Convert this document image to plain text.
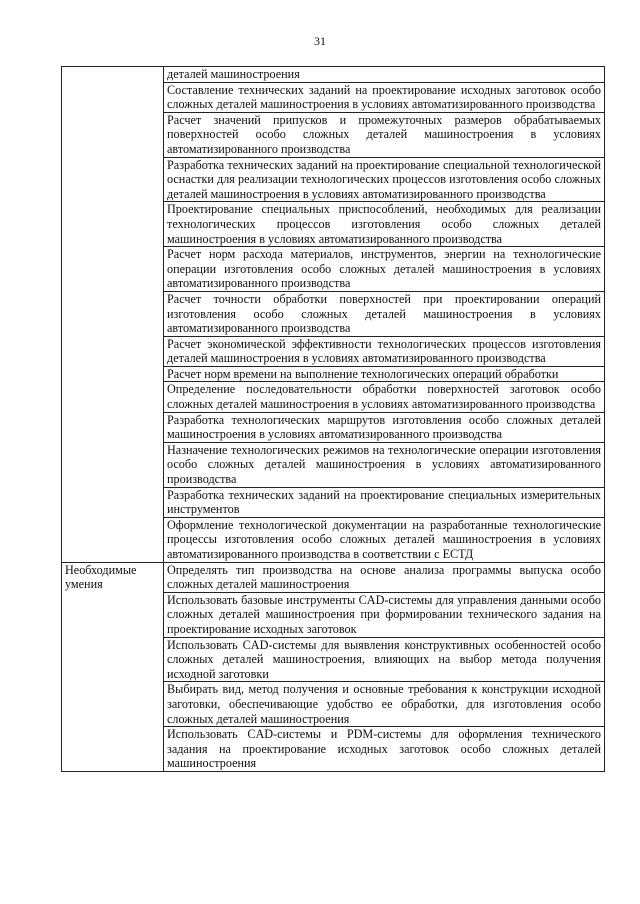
31
	деталей машиностроения
	Составление технических заданий на проектирование исходных заготовок особо сложных деталей машиностроения в условиях автоматизированного производства
	Расчет значений припусков и промежуточных размеров обрабатываемых поверхностей особо сложных деталей машиностроения в условиях автоматизированного производства
	Разработка технических заданий на проектирование специальной технологической оснастки для реализации технологических процессов изготовления особо сложных деталей машиностроения в условиях автоматизированного производства
	Проектирование специальных приспособлений, необходимых для реализации технологических процессов изготовления особо сложных деталей машиностроения в условиях автоматизированного производства
	Расчет норм расхода материалов, инструментов, энергии на технологические операции изготовления особо сложных деталей машиностроения в условиях автоматизированного производства
	Расчет точности обработки поверхностей при проектировании операций изготовления особо сложных деталей машиностроения в условиях автоматизированного производства
	Расчет экономической эффективности технологических процессов изготовления деталей машиностроения в условиях автоматизированного производства
	Расчет норм времени на выполнение технологических операций обработки
	Определение последовательности обработки поверхностей заготовок особо сложных деталей машиностроения в условиях автоматизированного производства
	Разработка технологических маршрутов изготовления особо сложных деталей машиностроения в условиях автоматизированного производства
	Назначение технологических режимов на технологические операции изготовления особо сложных деталей машиностроения в условиях автоматизированного производства
	Разработка технических заданий на проектирование специальных измерительных инструментов
	Оформление технологической документации на разработанные технологические процессы изготовления особо сложных деталей машиностроения в условиях автоматизированного производства в соответствии с ЕСТД

Необходимые умения	Определять тип производства на основе анализа программы выпуска особо сложных деталей машиностроения
	Использовать базовые инструменты CAD-системы для управления данными особо сложных деталей машиностроения при формировании технического задания на проектирование исходных заготовок
	Использовать CAD-системы для выявления конструктивных особенностей особо сложных деталей машиностроения, влияющих на выбор метода получения исходной заготовки
	Выбирать вид, метод получения и основные требования к конструкции исходной заготовки, обеспечивающие удобство ее обработки, для изготовления особо сложных деталей машиностроения
	Использовать CAD-системы и PDM-системы для оформления технического задания на проектирование исходных заготовок особо сложных деталей машиностроения
